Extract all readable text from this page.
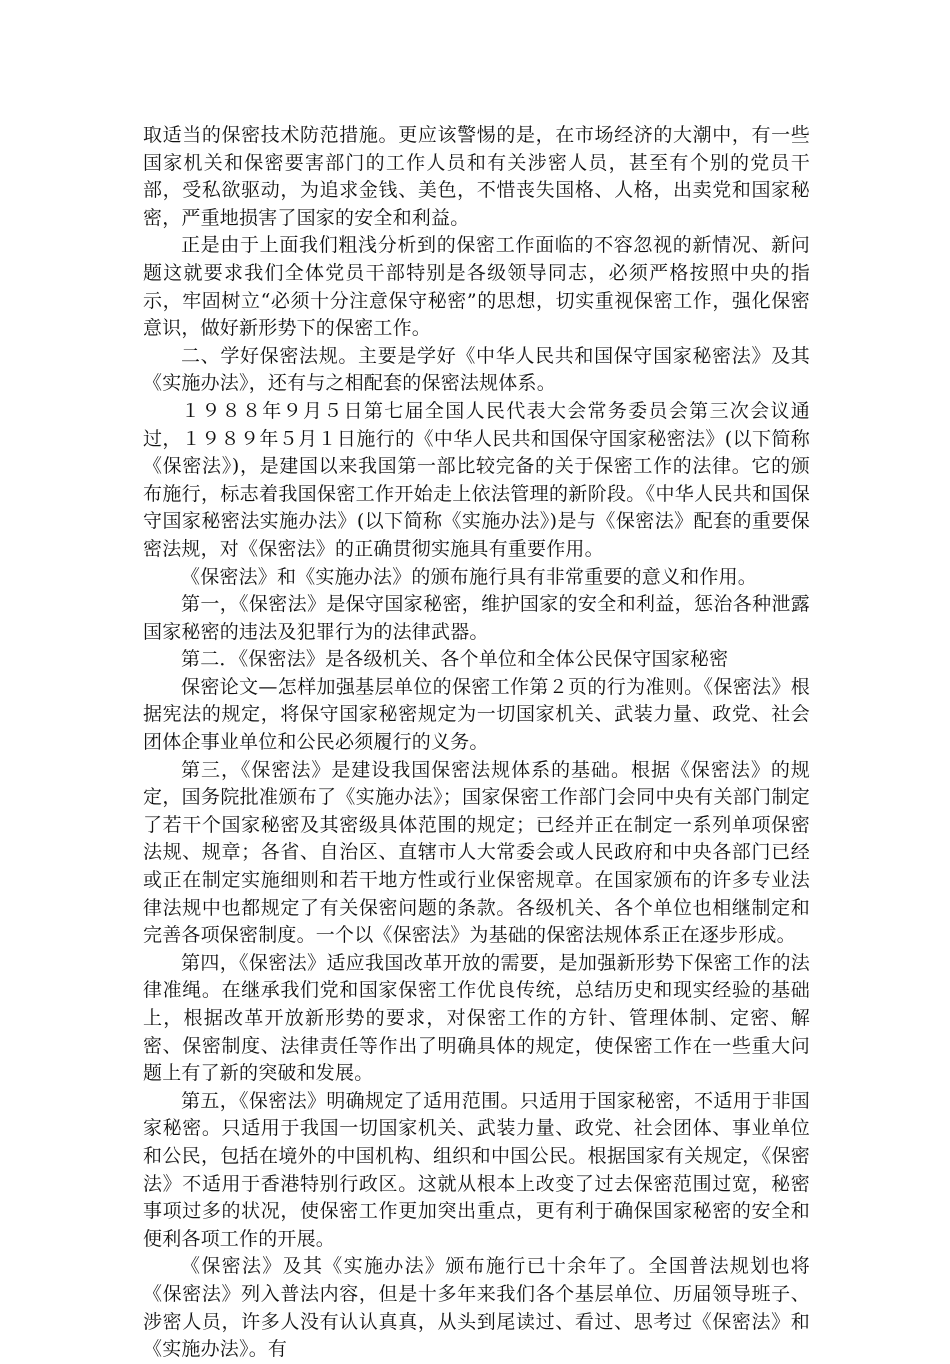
取适当的保密技术防范措施。更应该警惕的是，在市场经济的大潮中，有一些国家机关和保密要害部门的工作人员和有关涉密人员，甚至有个别的党员干部，受私欲驱动，为追求金钱、美色，不惜丧失国格、人格，出卖党和国家秘密，严重地损害了国家的安全和利益。

正是由于上面我们粗浅分析到的保密工作面临的不容忽视的新情况、新问题这就要求我们全体党员干部特别是各级领导同志，必须严格按照中央的指示，牢固树立“必须十分注意保守秘密”的思想，切实重视保密工作，强化保密意识，做好新形势下的保密工作。

二、学好保密法规。主要是学好《中华人民共和国保守国家秘密法》及其《实施办法》，还有与之相配套的保密法规体系。

１９８８年９月５日第七届全国人民代表大会常务委员会第三次会议通过，１９８９年５月１日施行的《中华人民共和国保守国家秘密法》(以下简称《保密法》)，是建国以来我国第一部比较完备的关于保密工作的法律。它的颁布施行，标志着我国保密工作开始走上依法管理的新阶段。《中华人民共和国保守国家秘密法实施办法》(以下简称《实施办法》)是与《保密法》配套的重要保密法规，对《保密法》的正确贯彻实施具有重要作用。

《保密法》和《实施办法》的颁布施行具有非常重要的意义和作用。

第一，《保密法》是保守国家秘密，维护国家的安全和利益，惩治各种泄露国家秘密的违法及犯罪行为的法律武器。

第二．《保密法》是各级机关、各个单位和全体公民保守国家秘密

保密论文—怎样加强基层单位的保密工作第２页的行为准则。《保密法》根据宪法的规定，将保守国家秘密规定为一切国家机关、武装力量、政党、社会团体企事业单位和公民必须履行的义务。

第三，《保密法》是建设我国保密法规体系的基础。根据《保密法》的规定，国务院批准颁布了《实施办法》；国家保密工作部门会同中央有关部门制定了若干个国家秘密及其密级具体范围的规定；已经并正在制定一系列单项保密法规、规章；各省、自治区、直辖市人大常委会或人民政府和中央各部门已经或正在制定实施细则和若干地方性或行业保密规章。在国家颁布的许多专业法律法规中也都规定了有关保密问题的条款。各级机关、各个单位也相继制定和完善各项保密制度。一个以《保密法》为基础的保密法规体系正在逐步形成。

第四，《保密法》适应我国改革开放的需要，是加强新形势下保密工作的法律准绳。在继承我们党和国家保密工作优良传统，总结历史和现实经验的基础上，根据改革开放新形势的要求，对保密工作的方针、管理体制、定密、解密、保密制度、法律责任等作出了明确具体的规定，使保密工作在一些重大问题上有了新的突破和发展。

第五，《保密法》明确规定了适用范围。只适用于国家秘密，不适用于非国家秘密。只适用于我国一切国家机关、武装力量、政党、社会团体、事业单位和公民，包括在境外的中国机构、组织和中国公民。根据国家有关规定，《保密法》不适用于香港特别行政区。这就从根本上改变了过去保密范围过宽，秘密事项过多的状况，使保密工作更加突出重点，更有利于确保国家秘密的安全和便利各项工作的开展。

《保密法》及其《实施办法》颁布施行已十余年了。全国普法规划也将《保密法》列入普法内容，但是十多年来我们各个基层单位、历届领导班子、涉密人员，许多人没有认认真真，从头到尾读过、看过、思考过《保密法》和《实施办法》。有
